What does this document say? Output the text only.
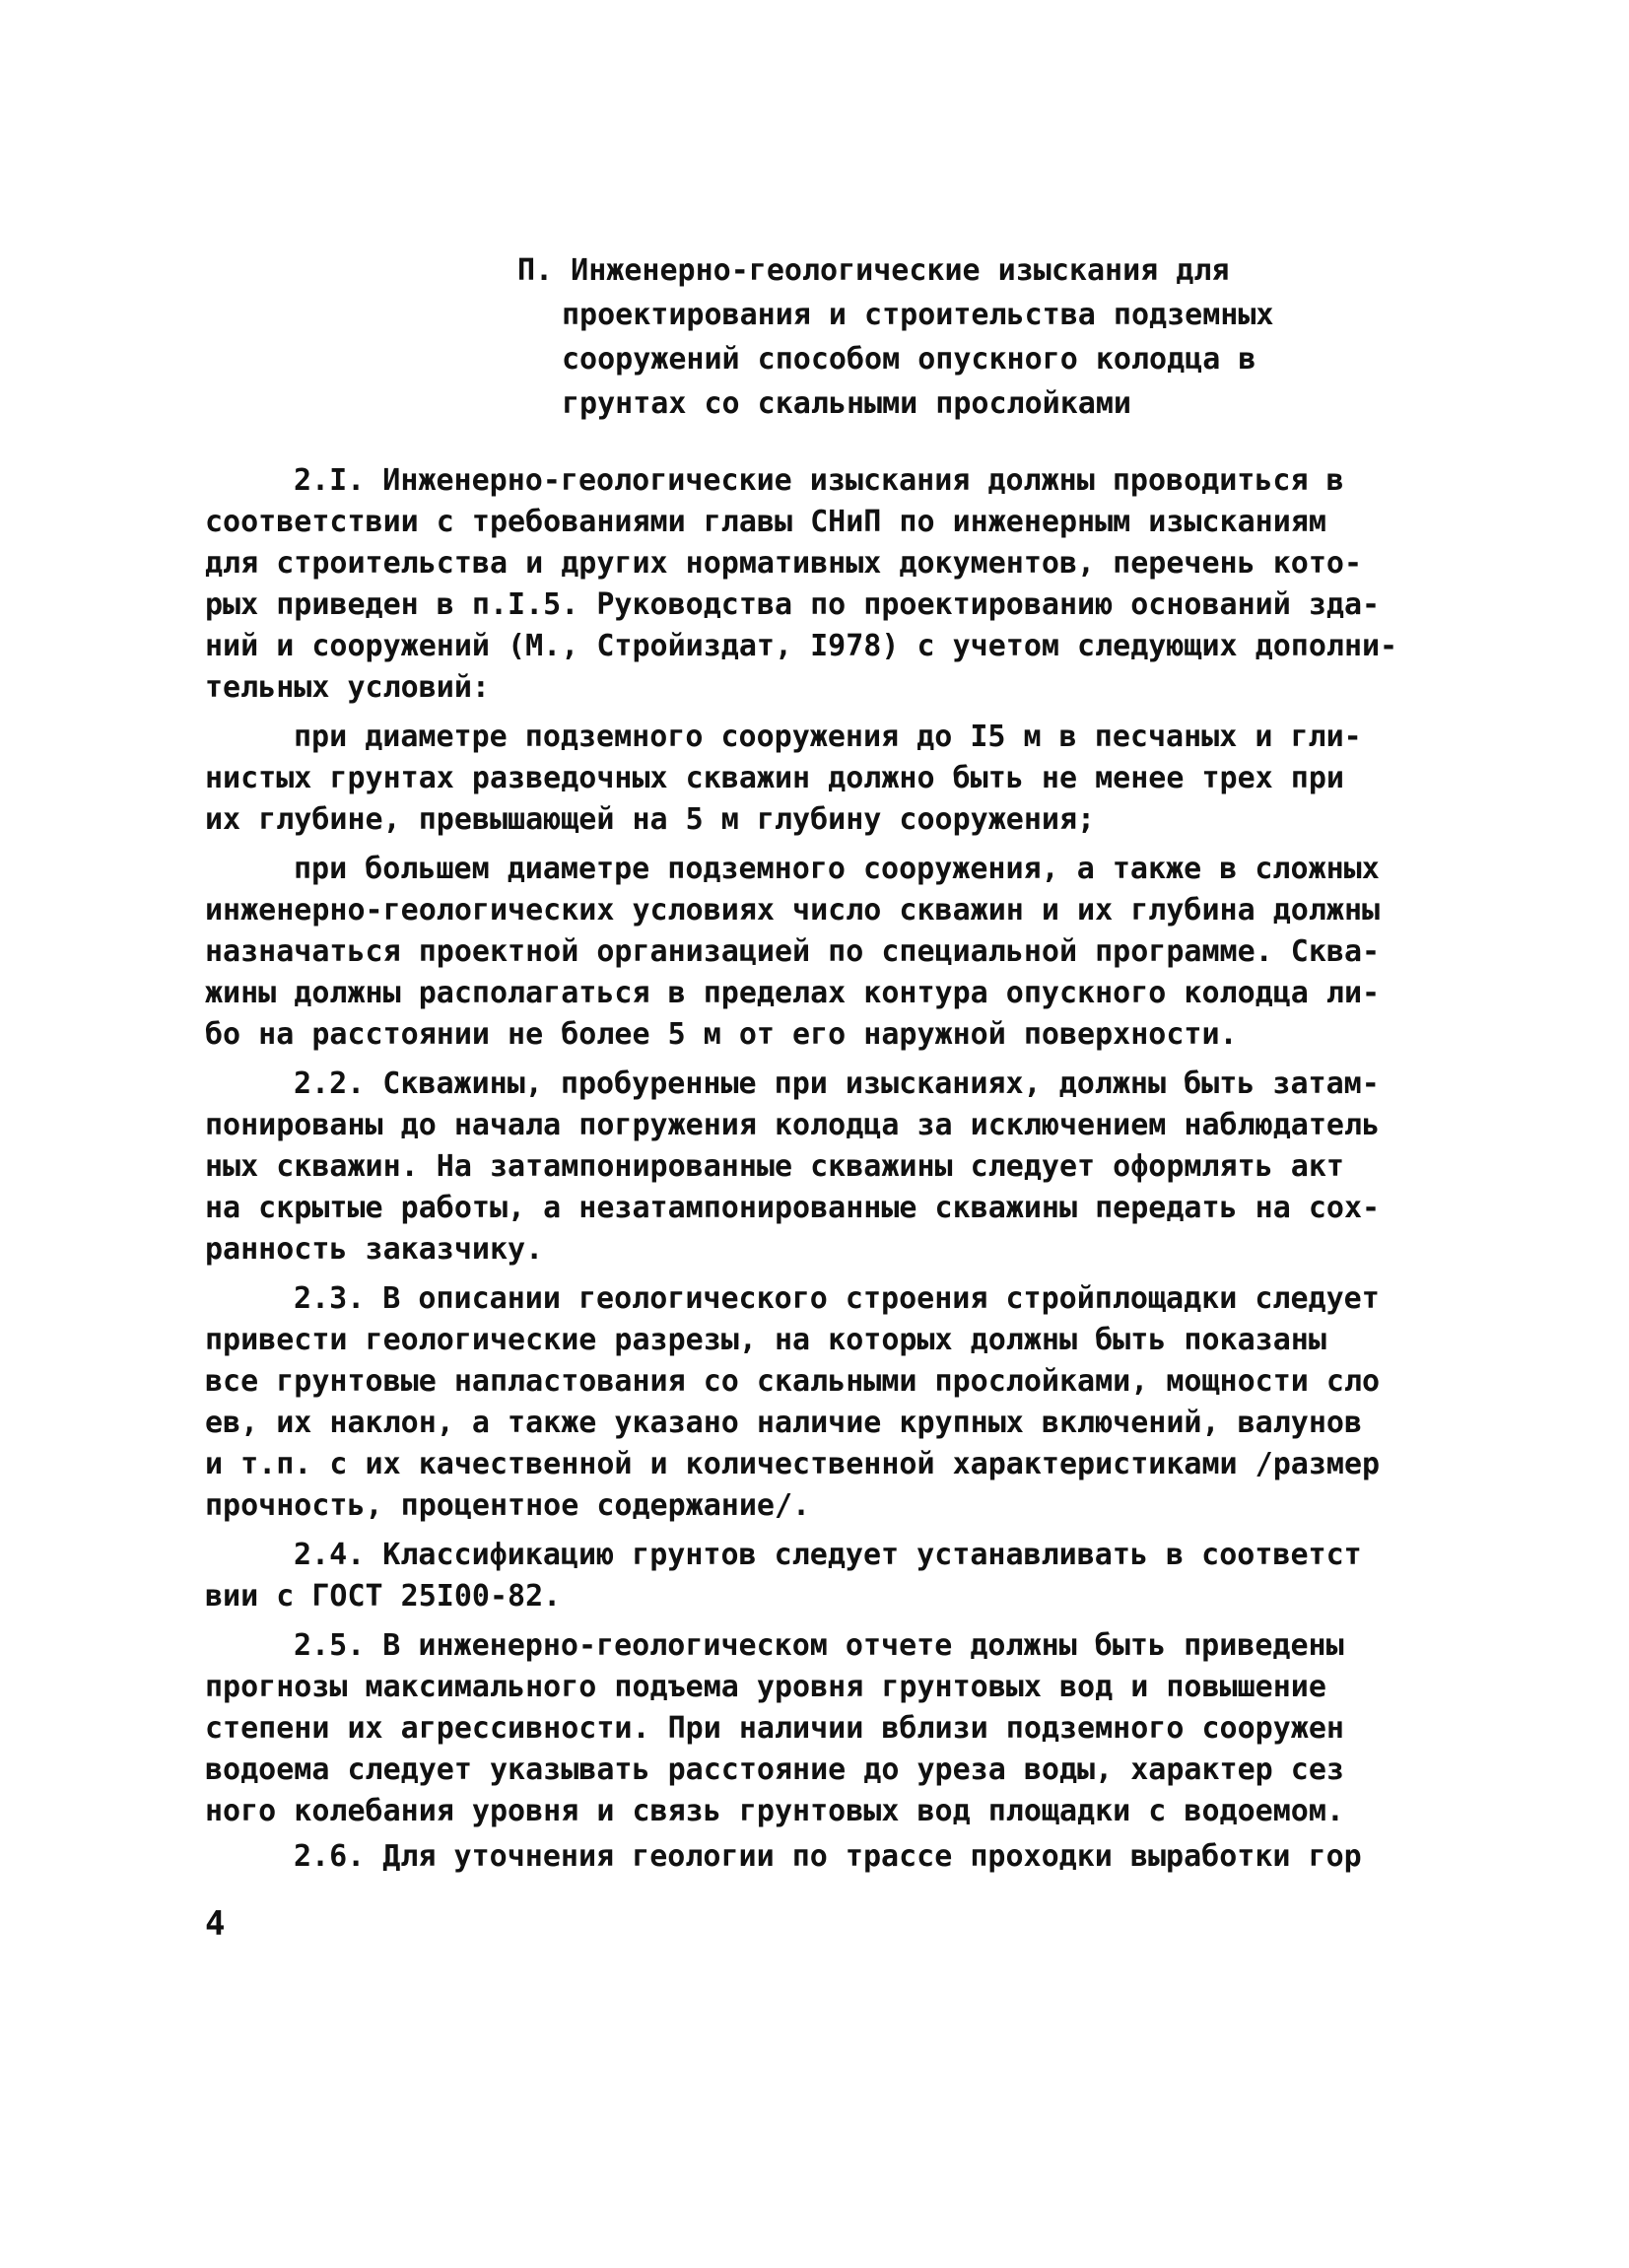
П. Инженерно-геологические изыскания для
проектирования и строительства подземных
сооружений способом опускного колодца в
грунтах со скальными прослойками
2.I. Инженерно-геологические изыскания должны проводиться в
соответствии с требованиями главы СНиП по инженерным изысканиям
для строительства и других нормативных документов, перечень кото-
рых приведен в п.I.5. Руководства по проектированию оснований зда-
ний и сооружений (М., Стройиздат, I978) с учетом следующих дополни-
тельных условий:
при диаметре подземного сооружения до I5 м в песчаных и гли-
нистых грунтах разведочных скважин должно быть не менее трех при
их глубине, превышающей на 5 м глубину сооружения;
при большем диаметре подземного сооружения, а также в сложных
инженерно-геологических условиях число скважин и их глубина должны
назначаться проектной организацией по специальной программе. Сква-
жины должны располагаться в пределах контура опускного колодца ли-
бо на расстоянии не более 5 м от его наружной поверхности.
2.2. Скважины, пробуренные при изысканиях, должны быть затам-
понированы до начала погружения колодца за исключением наблюдатель
ных скважин. На затампонированные скважины следует оформлять акт
на скрытые работы, а незатампонированные скважины передать на сох-
ранность заказчику.
2.3. В описании геологического строения стройплощадки следует
привести геологические разрезы, на которых должны быть показаны
все грунтовые напластования со скальными прослойками, мощности сло
ев, их наклон, а также указано наличие крупных включений, валунов
и т.п. с их качественной и количественной характеристиками /размер
прочность, процентное содержание/.
2.4. Классификацию грунтов следует устанавливать в соответст
вии с ГОСТ 25I00-82.
2.5. В инженерно-геологическом отчете должны быть приведены
прогнозы максимального подъема уровня грунтовых вод и повышение
степени их агрессивности. При наличии вблизи подземного сооружен
водоема следует указывать расстояние до уреза воды, характер сез
ного колебания уровня и связь грунтовых вод площадки с водоемом.
2.6. Для уточнения геологии по трассе проходки выработки гор
4
